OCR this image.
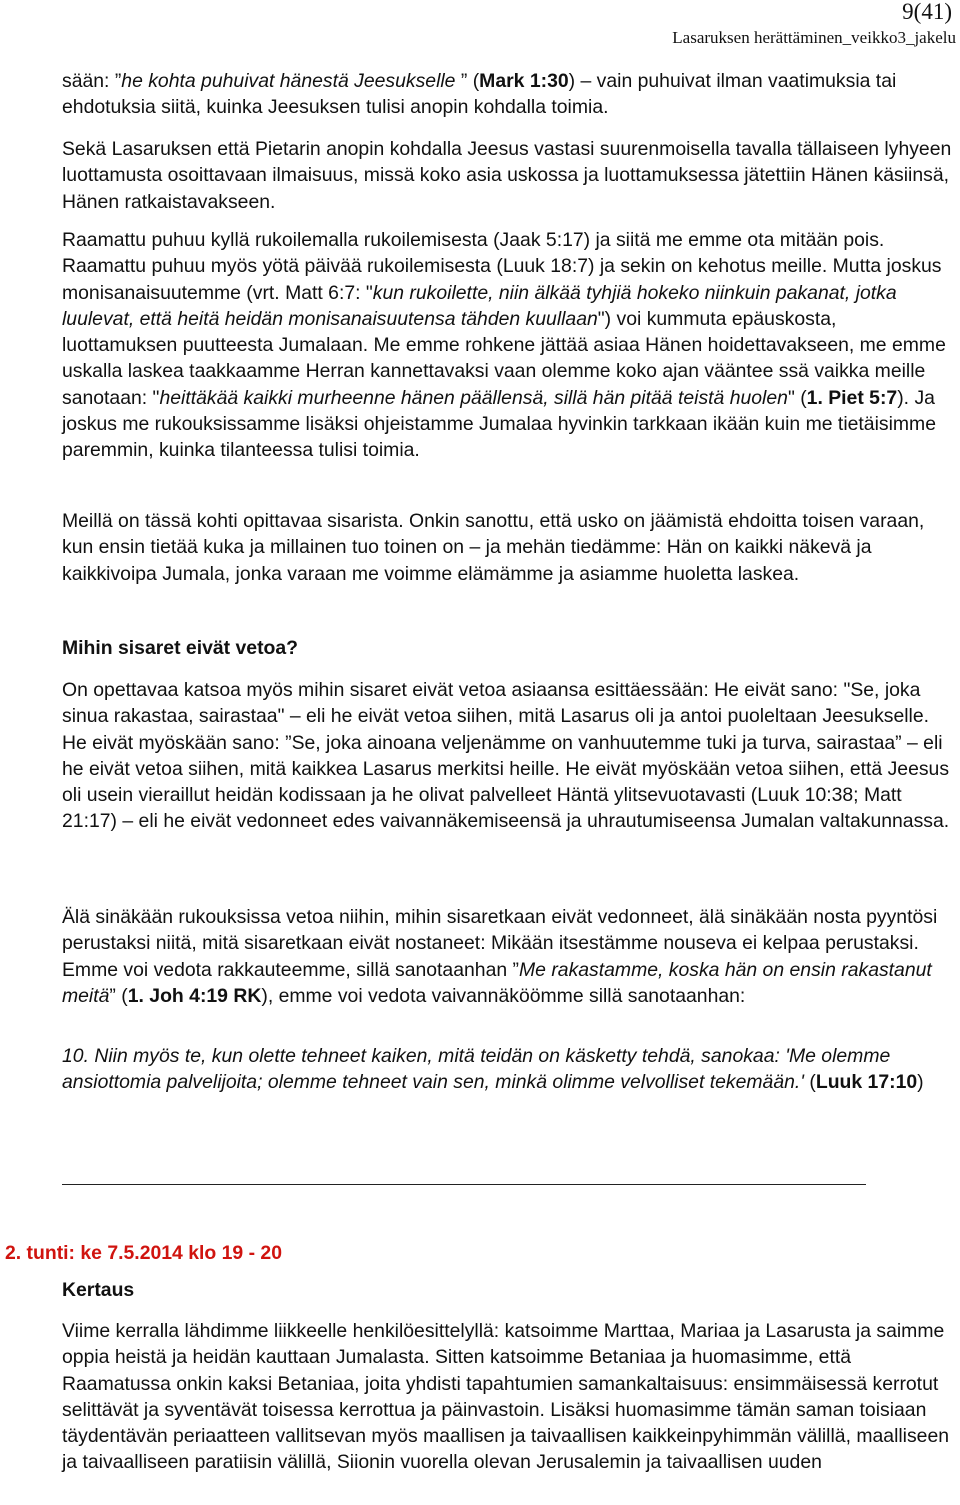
9(41)
Lasaruksen herättäminen_veikko3_jakelu

sään: ”he kohta puhuivat hänestä Jeesukselle ” (Mark 1:30) – vain puhuivat ilman vaatimuksia tai ehdotuksia siitä, kuinka Jeesuksen tulisi anopin kohdalla toimia.

Sekä Lasaruksen että Pietarin anopin kohdalla Jeesus vastasi suurenmoisella tavalla tällaiseen lyhyeen luottamusta osoittavaan ilmaisuus, missä koko asia uskossa ja luottamuksessa jätettiin Hänen käsiinsä, Hänen ratkaistavakseen.

Raamattu puhuu kyllä rukoilemalla rukoilemisesta (Jaak 5:17) ja siitä me emme ota mitään pois. Raamattu puhuu myös yötä päivää rukoilemisesta (Luuk 18:7) ja sekin on kehotus meille. Mutta joskus monisanaisuutemme (vrt. Matt 6:7: "kun rukoilette, niin älkää tyhjiä hokeko niinkuin pakanat, jotka luulevat, että heitä heidän monisanaisuutensa tähden kuullaan") voi kummuta epäuskosta, luottamuksen puutteesta Jumalaan. Me emme rohkene jättää asiaa Hänen hoidettavakseen, me emme uskalla laskea taakkaamme Herran kannettavaksi vaan olemme koko ajan vääntee ssä vaikka meille sanotaan: "heittäkää kaikki murheenne hänen päällensä, sillä hän pitää teistä huolen" (1. Piet 5:7). Ja joskus me rukouksissamme lisäksi ohjeistamme Jumalaa hyvinkin tarkkaan ikään kuin me tietäisimme paremmin, kuinka tilanteessa tulisi toimia.

Meillä on tässä kohti opittavaa sisarista. Onkin sanottu, että usko on jäämistä ehdoitta toisen varaan, kun ensin tietää kuka ja millainen tuo toinen on – ja mehän tiedämme: Hän on kaikki näkevä ja kaikkivoipa Jumala, jonka varaan me voimme elämämme ja asiamme huoletta laskea.

Mihin sisaret eivät vetoa?

On opettavaa katsoa myös mihin sisaret eivät vetoa asiaansa esittäessään: He eivät sano: "Se, joka sinua rakastaa, sairastaa" – eli he eivät vetoa siihen, mitä Lasarus oli ja antoi puoleltaan Jeesukselle. He eivät myöskään sano: ”Se, joka ainoana veljenämme on vanhuutemme tuki ja turva, sairastaa” – eli he eivät vetoa siihen, mitä kaikkea Lasarus merkitsi heille. He eivät myöskään vetoa siihen, että Jeesus oli usein vieraillut heidän kodissaan ja he olivat palvelleet Häntä ylitsevuotavasti (Luuk 10:38; Matt 21:17) – eli he eivät vedonneet edes vaivannäkemiseensä ja uhrautumiseensa Jumalan valtakunnassa.

Älä sinäkään rukouksissa vetoa niihin, mihin sisaretkaan eivät vedonneet, älä sinäkään nosta pyyntösi perustaksi niitä, mitä sisaretkaan eivät nostaneet: Mikään itsestämme nouseva ei kelpaa perustaksi. Emme voi vedota rakkauteemme, sillä sanotaanhan ”Me rakastamme, koska hän on ensin rakastanut meitä” (1. Joh 4:19 RK), emme voi vedota vaivannäköömme sillä sanotaanhan:

10. Niin myös te, kun olette tehneet kaiken, mitä teidän on käsketty tehdä, sanokaa: 'Me olemme ansiottomia palvelijoita; olemme tehneet vain sen, minkä olimme velvolliset tekemään.' (Luuk 17:10)

2. tunti: ke 7.5.2014 klo 19 - 20

Kertaus

Viime kerralla lähdimme liikkeelle henkilöesittelyllä: katsoimme Marttaa, Mariaa ja Lasarusta ja saimme oppia heistä ja heidän kauttaan Jumalasta. Sitten katsoimme Betaniaa ja huomasimme, että Raamatussa onkin kaksi Betaniaa, joita yhdisti tapahtumien samankaltaisuus: ensimmäisessä kerrotut selittävät ja syventävät toisessa kerrottua ja päinvastoin. Lisäksi huomasimme tämän saman toisiaan täydentävän periaatteen vallitsevan myös maallisen ja taivaallisen kaikkeinpyhimmän välillä, maalliseen ja taivaalliseen paratiisin välillä, Siionin vuorella olevan Jerusalemin ja taivaallisen uuden
